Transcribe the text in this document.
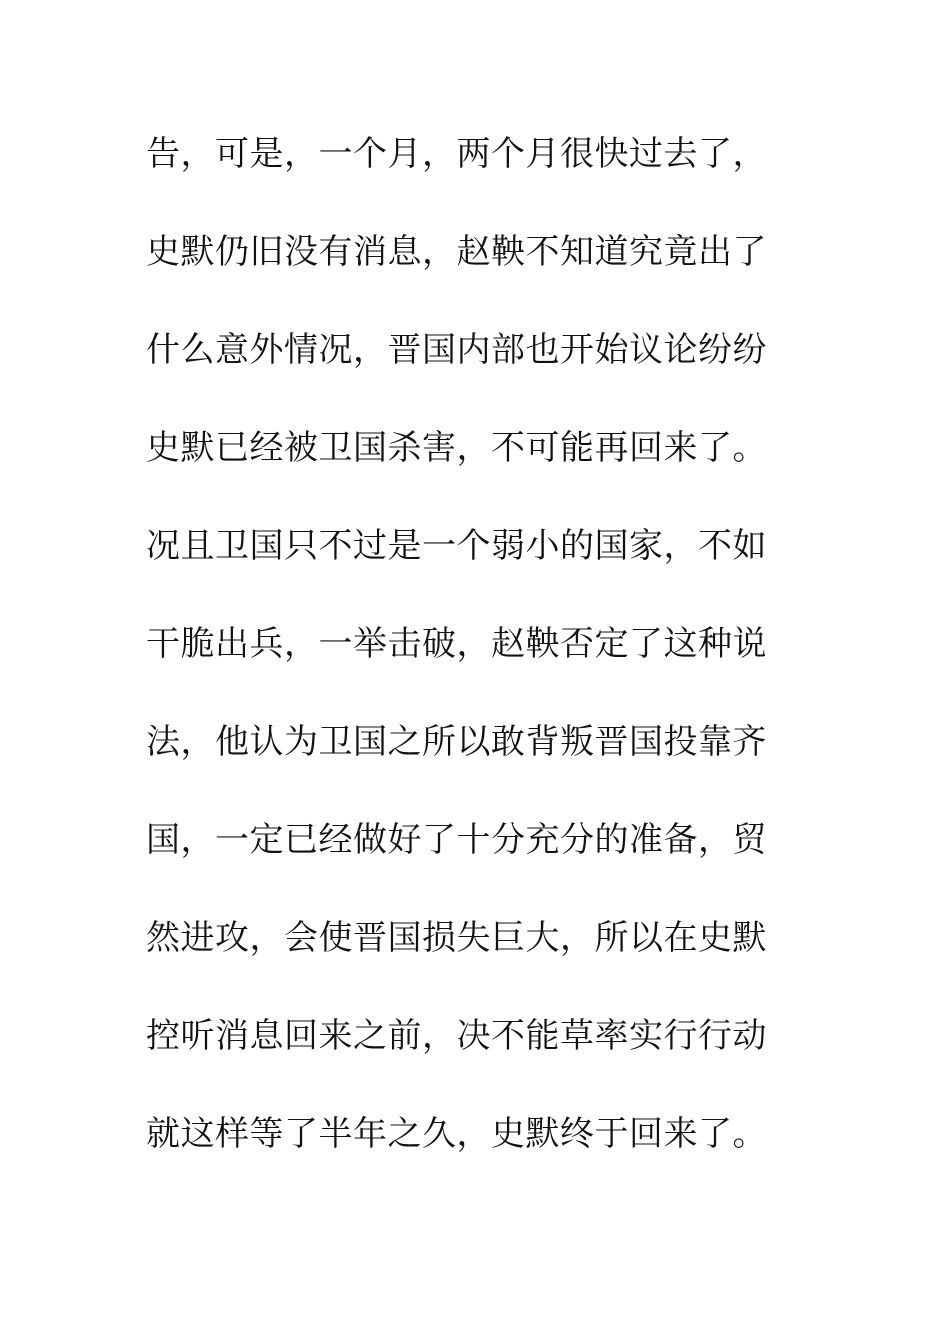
告，可是，一个月，两个月很快过去了，
史默仍旧没有消息，赵鞅不知道究竟出了
什么意外情况，晋国内部也开始议论纷纷
史默已经被卫国杀害，不可能再回来了。
况且卫国只不过是一个弱小的国家，不如
干脆出兵，一举击破，赵鞅否定了这种说
法，他认为卫国之所以敢背叛晋国投靠齐
国，一定已经做好了十分充分的准备，贸
然进攻，会使晋国损失巨大，所以在史默
控听消息回来之前，决不能草率实行行动
就这样等了半年之久，史默终于回来了。
